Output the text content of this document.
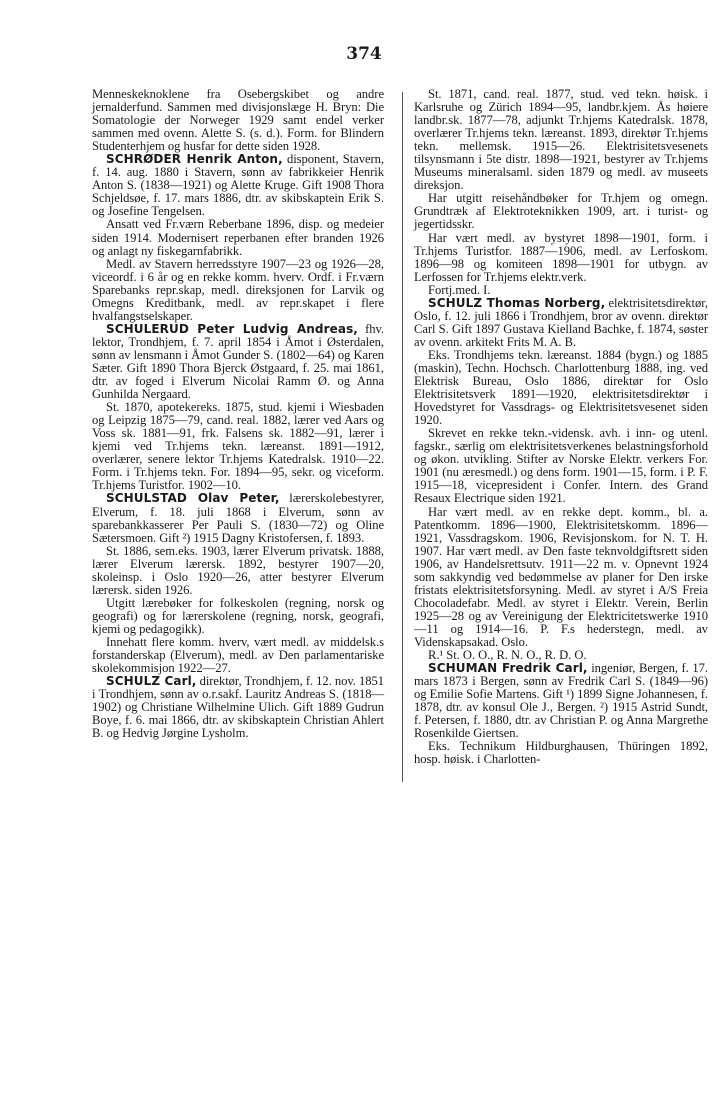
374

Menneskeknoklene fra Osebergskibet og andre jernalderfund. Sammen med divisjonslæge H. Bryn: Die Somatologie der Norweger 1929 samt endel verker sammen med ovenn. Alette S. (s. d.). Form. for Blindern Studenterhjem og husfar for dette siden 1928.

SCHRØDER Henrik Anton, disponent, Stavern, f. 14. aug. 1880 i Stavern, sønn av fabrikkeier Henrik Anton S. (1838—1921) og Alette Kruge. Gift 1908 Thora Schjeldsøe, f. 17. mars 1886, dtr. av skibskaptein Erik S. og Josefine Tengelsen.

Ansatt ved Fr.værn Reberbane 1896, disp. og medeier siden 1914. Modernisert reperbanen efter branden 1926 og anlagt ny fiskegarnfabrikk.

Medl. av Stavern herredsstyre 1907—23 og 1926—28, viceordf. i 6 år og en rekke komm. hverv. Ordf. i Fr.værn Sparebanks repr.skap, medl. direksjonen for Larvik og Omegns Kreditbank, medl. av repr.skapet i flere hvalfangstselskaper.

SCHULERUD Peter Ludvig Andreas, fhv. lektor, Trondhjem, f. 7. april 1854 i Åmot i Østerdalen, sønn av lensmann i Åmot Gunder S. (1802—64) og Karen Sæter. Gift 1890 Thora Bjerck Østgaard, f. 25. mai 1861, dtr. av foged i Elverum Nicolai Ramm Ø. og Anna Gunhilda Nergaard.

St. 1870, apotekereks. 1875, stud. kjemi i Wiesbaden og Leipzig 1875—79, cand. real. 1882, lærer ved Aars og Voss sk. 1881—91, frk. Falsens sk. 1882—91, lærer i kjemi ved Tr.hjems tekn. læreanst. 1891—1912, overlærer, senere lektor Tr.hjems Katedralsk. 1910—22. Form. i Tr.hjems tekn. For. 1894—95, sekr. og viceform. Tr.hjems Turistfor. 1902—10.

SCHULSTAD Olav Peter, lærerskolebestyrer, Elverum, f. 18. juli 1868 i Elverum, sønn av sparebankkasserer Per Pauli S. (1830—72) og Oline Sætersmoen. Gift ²) 1915 Dagny Kristofersen, f. 1893.

St. 1886, sem.eks. 1903, lærer Elverum privatsk. 1888, lærer Elverum lærersk. 1892, bestyrer 1907—20, skoleinsp. i Oslo 1920—26, atter bestyrer Elverum lærersk. siden 1926.

Utgitt lærebøker for folkeskolen (regning, norsk og geografi) og for lærerskolene (regning, norsk, geografi, kjemi og pedagogikk).

Innehatt flere komm. hverv, vært medl. av middelsk.s forstanderskap (Elverum), medl. av Den parlamentariske skolekommisjon 1922—27.

SCHULZ Carl, direktør, Trondhjem, f. 12. nov. 1851 i Trondhjem, sønn av o.r.sakf. Lauritz Andreas S. (1818—1902) og Christiane Wilhelmine Ulich. Gift 1889 Gudrun Boye, f. 6. mai 1866, dtr. av skibskaptein Christian Ahlert B. og Hedvig Jørgine Lysholm.

St. 1871, cand. real. 1877, stud. ved tekn. høisk. i Karlsruhe og Zürich 1894—95, landbr.kjem. Ås høiere landbr.sk. 1877—78, adjunkt Tr.hjems Katedralsk. 1878, overlærer Tr.hjems tekn. læreanst. 1893, direktør Tr.hjems tekn. mellemsk. 1915—26. Elektrisitetsvesenets tilsynsmann i 5te distr. 1898—1921, bestyrer av Tr.hjems Museums mineralsaml. siden 1879 og medl. av museets direksjon.

Har utgitt reisehåndbøker for Tr.hjem og omegn. Grundtræk af Elektroteknikken 1909, art. i turist- og jegertidsskr.

Har vært medl. av bystyret 1898—1901, form. i Tr.hjems Turistfor. 1887—1906, medl. av Lerfoskom. 1896—98 og komiteen 1898—1901 for utbygn. av Lerfossen for Tr.hjems elektr.verk.

Fortj.med. I.

SCHULZ Thomas Norberg, elektrisitetsdirektør, Oslo, f. 12. juli 1866 i Trondhjem, bror av ovenn. direktør Carl S. Gift 1897 Gustava Kielland Bachke, f. 1874, søster av ovenn. arkitekt Frits M. A. B.

Eks. Trondhjems tekn. læreanst. 1884 (bygn.) og 1885 (maskin), Techn. Hochsch. Charlottenburg 1888, ing. ved Elektrisk Bureau, Oslo 1886, direktør for Oslo Elektrisitetsverk 1891—1920, elektrisitetsdirektør i Hovedstyret for Vassdrags- og Elektrisitetsvesenet siden 1920.

Skrevet en rekke tekn.-vidensk. avh. i inn- og utenl. fagskr., særlig om elektrisitetsverkenes belastningsforhold og økon. utvikling. Stifter av Norske Elektr. verkers For. 1901 (nu æresmedl.) og dens form. 1901—15, form. i P. F. 1915—18, vicepresident i Confer. Intern. des Grand Resaux Electrique siden 1921.

Har vært medl. av en rekke dept. komm., bl. a. Patentkomm. 1896—1900, Elektrisitetskomm. 1896—1921, Vassdragskom. 1906, Revisjonskom. for N. T. H. 1907. Har vært medl. av Den faste teknvoldgiftsrett siden 1906, av Handelsrettsutv. 1911—22 m. v. Opnevnt 1924 som sakkyndig ved bedømmelse av planer for Den irske fristats elektrisitetsforsyning. Medl. av styret i A/S Freia Chocoladefabr. Medl. av styret i Elektr. Verein, Berlin 1925—28 og av Vereinigung der Elektricitetswerke 1910—11 og 1914—16. P. F.s hederstegn, medl. av Videnskapsakad. Oslo.

R.¹ St. O. O., R. N. O., R. D. O.

SCHUMAN Fredrik Carl, ingeniør, Bergen, f. 17. mars 1873 i Bergen, sønn av Fredrik Carl S. (1849—96) og Emilie Sofie Martens. Gift ¹) 1899 Signe Johannesen, f. 1878, dtr. av konsul Ole J., Bergen. ²) 1915 Astrid Sundt, f. Petersen, f. 1880, dtr. av Christian P. og Anna Margrethe Rosenkilde Giertsen.

Eks. Technikum Hildburghausen, Thüringen 1892, hosp. høisk. i Charlotten-
